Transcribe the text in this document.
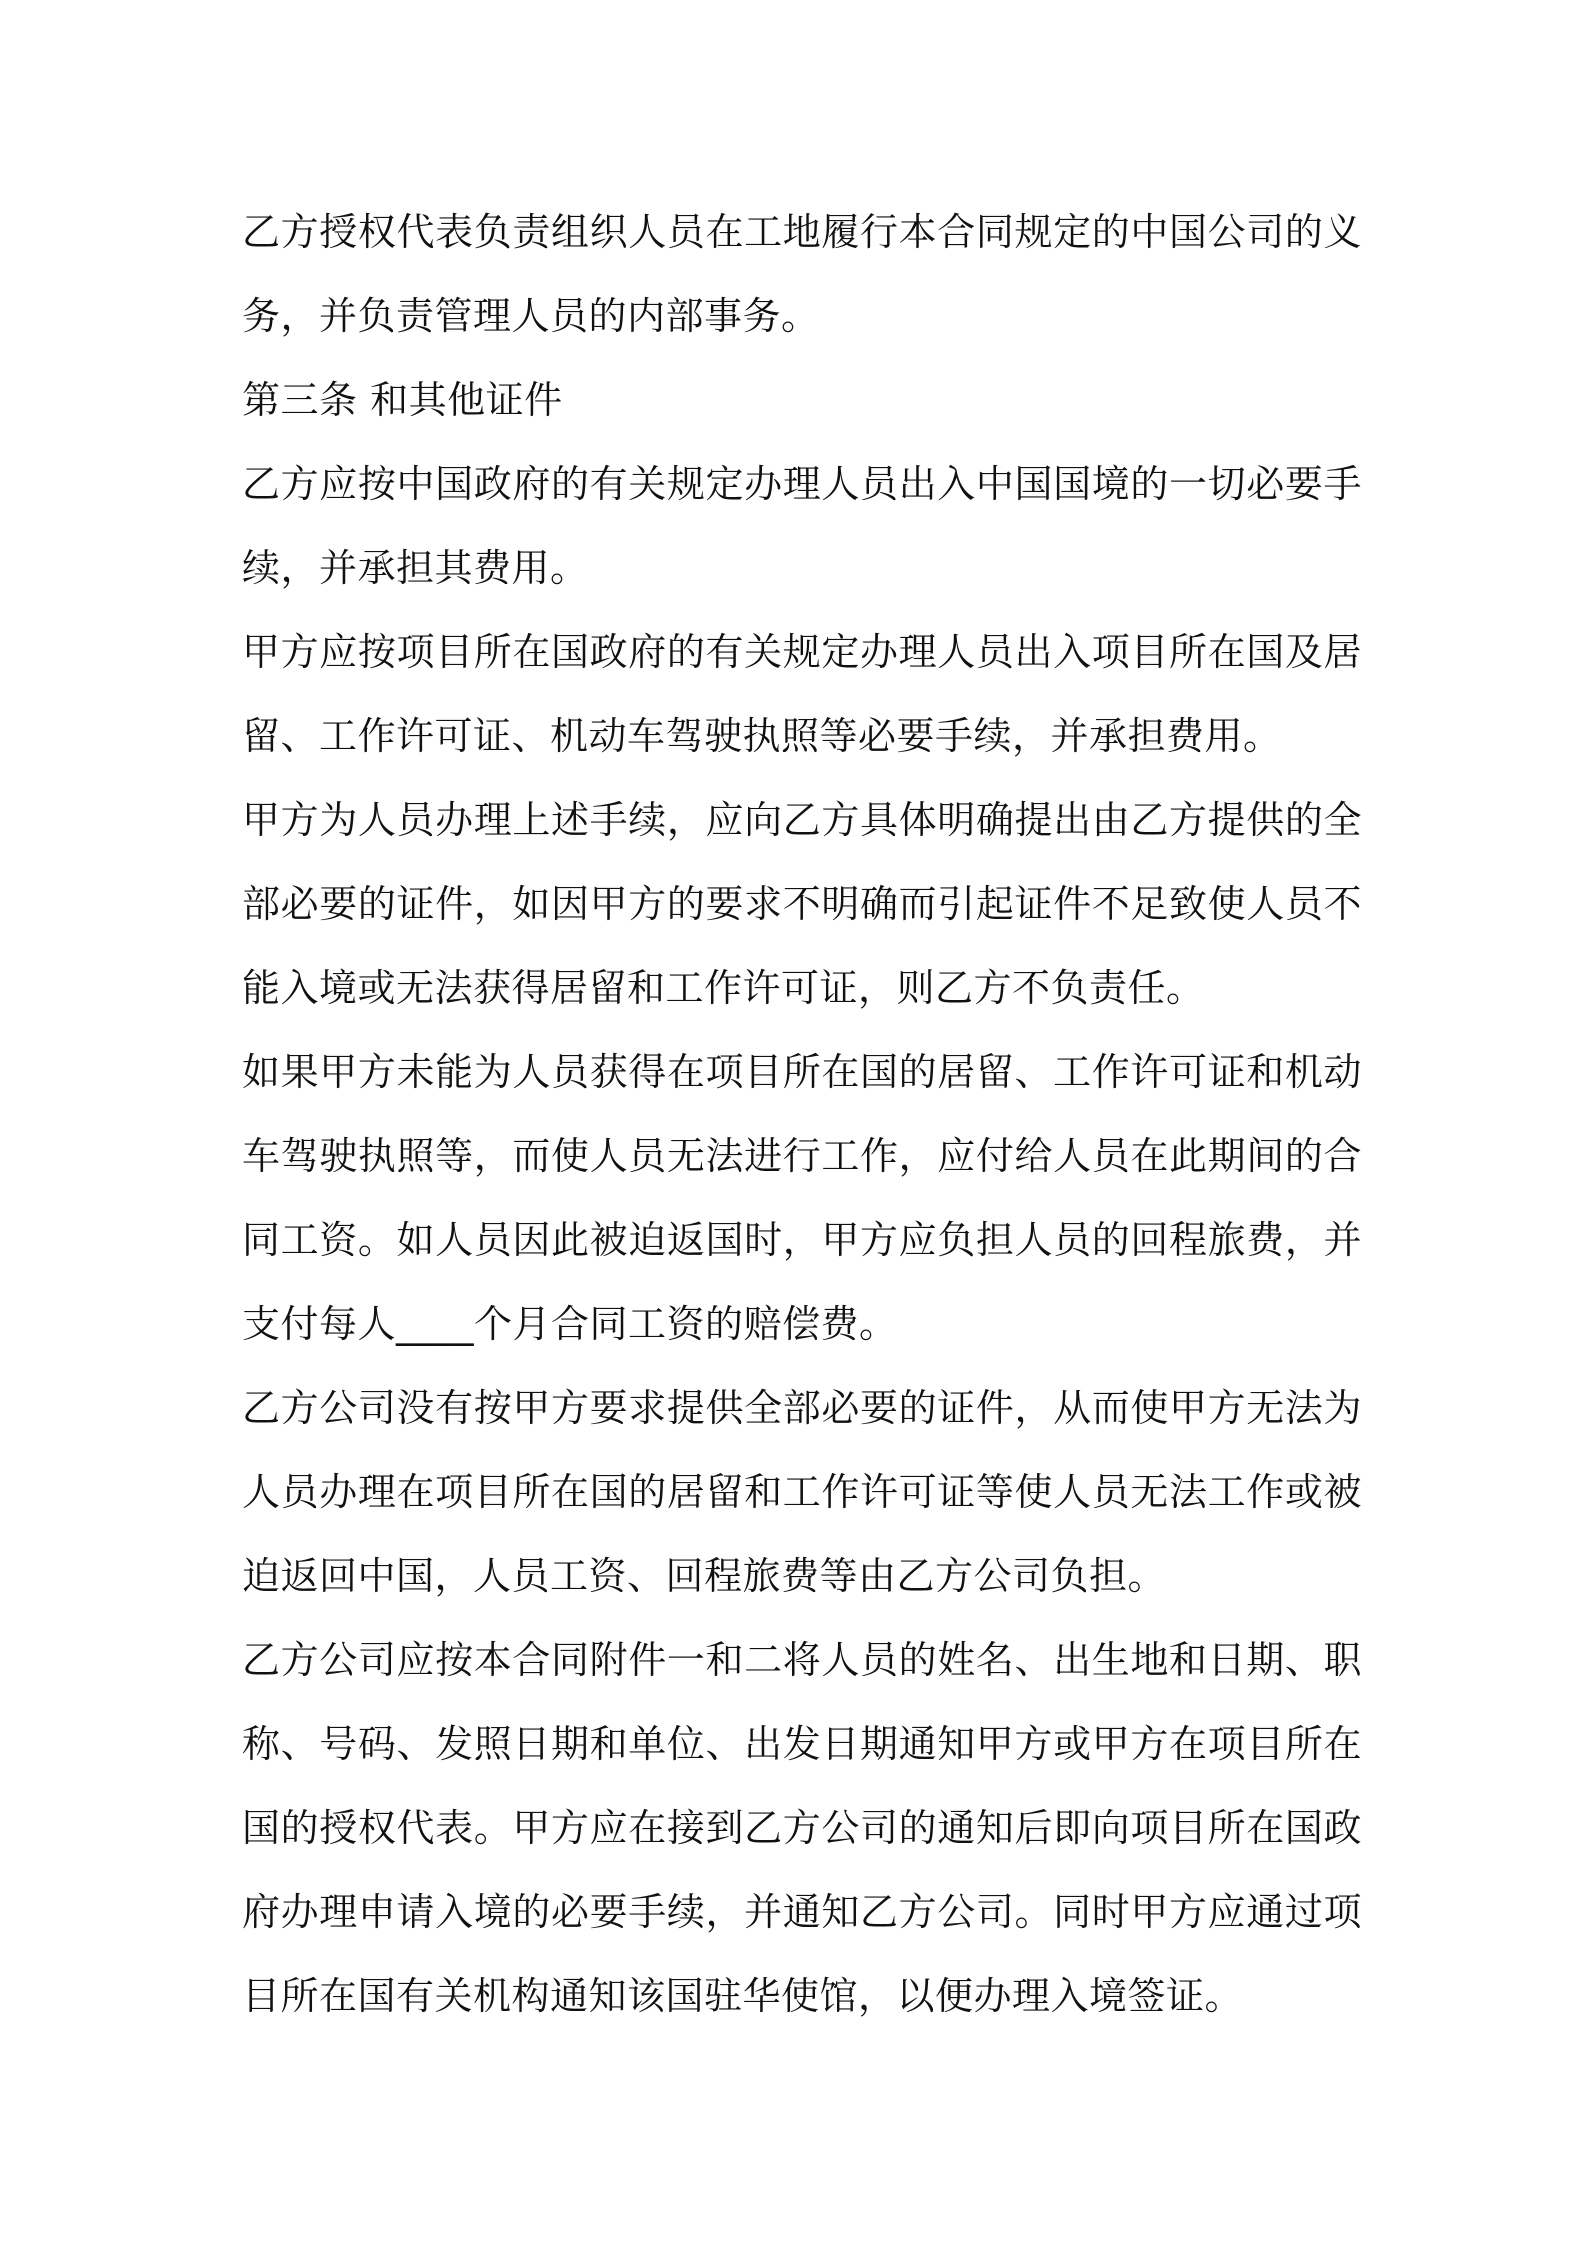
乙方授权代表负责组织人员在工地履行本合同规定的中国公司的义务，并负责管理人员的内部事务。

第三条 和其他证件

乙方应按中国政府的有关规定办理人员出入中国国境的一切必要手续，并承担其费用。

甲方应按项目所在国政府的有关规定办理人员出入项目所在国及居留、工作许可证、机动车驾驶执照等必要手续，并承担费用。

甲方为人员办理上述手续，应向乙方具体明确提出由乙方提供的全部必要的证件，如因甲方的要求不明确而引起证件不足致使人员不能入境或无法获得居留和工作许可证，则乙方不负责任。

如果甲方未能为人员获得在项目所在国的居留、工作许可证和机动车驾驶执照等，而使人员无法进行工作，应付给人员在此期间的合同工资。如人员因此被迫返国时，甲方应负担人员的回程旅费，并支付每人____个月合同工资的赔偿费。

乙方公司没有按甲方要求提供全部必要的证件，从而使甲方无法为人员办理在项目所在国的居留和工作许可证等使人员无法工作或被迫返回中国，人员工资、回程旅费等由乙方公司负担。

乙方公司应按本合同附件一和二将人员的姓名、出生地和日期、职称、号码、发照日期和单位、出发日期通知甲方或甲方在项目所在国的授权代表。甲方应在接到乙方公司的通知后即向项目所在国政府办理申请入境的必要手续，并通知乙方公司。同时甲方应通过项目所在国有关机构通知该国驻华使馆，以便办理入境签证。
